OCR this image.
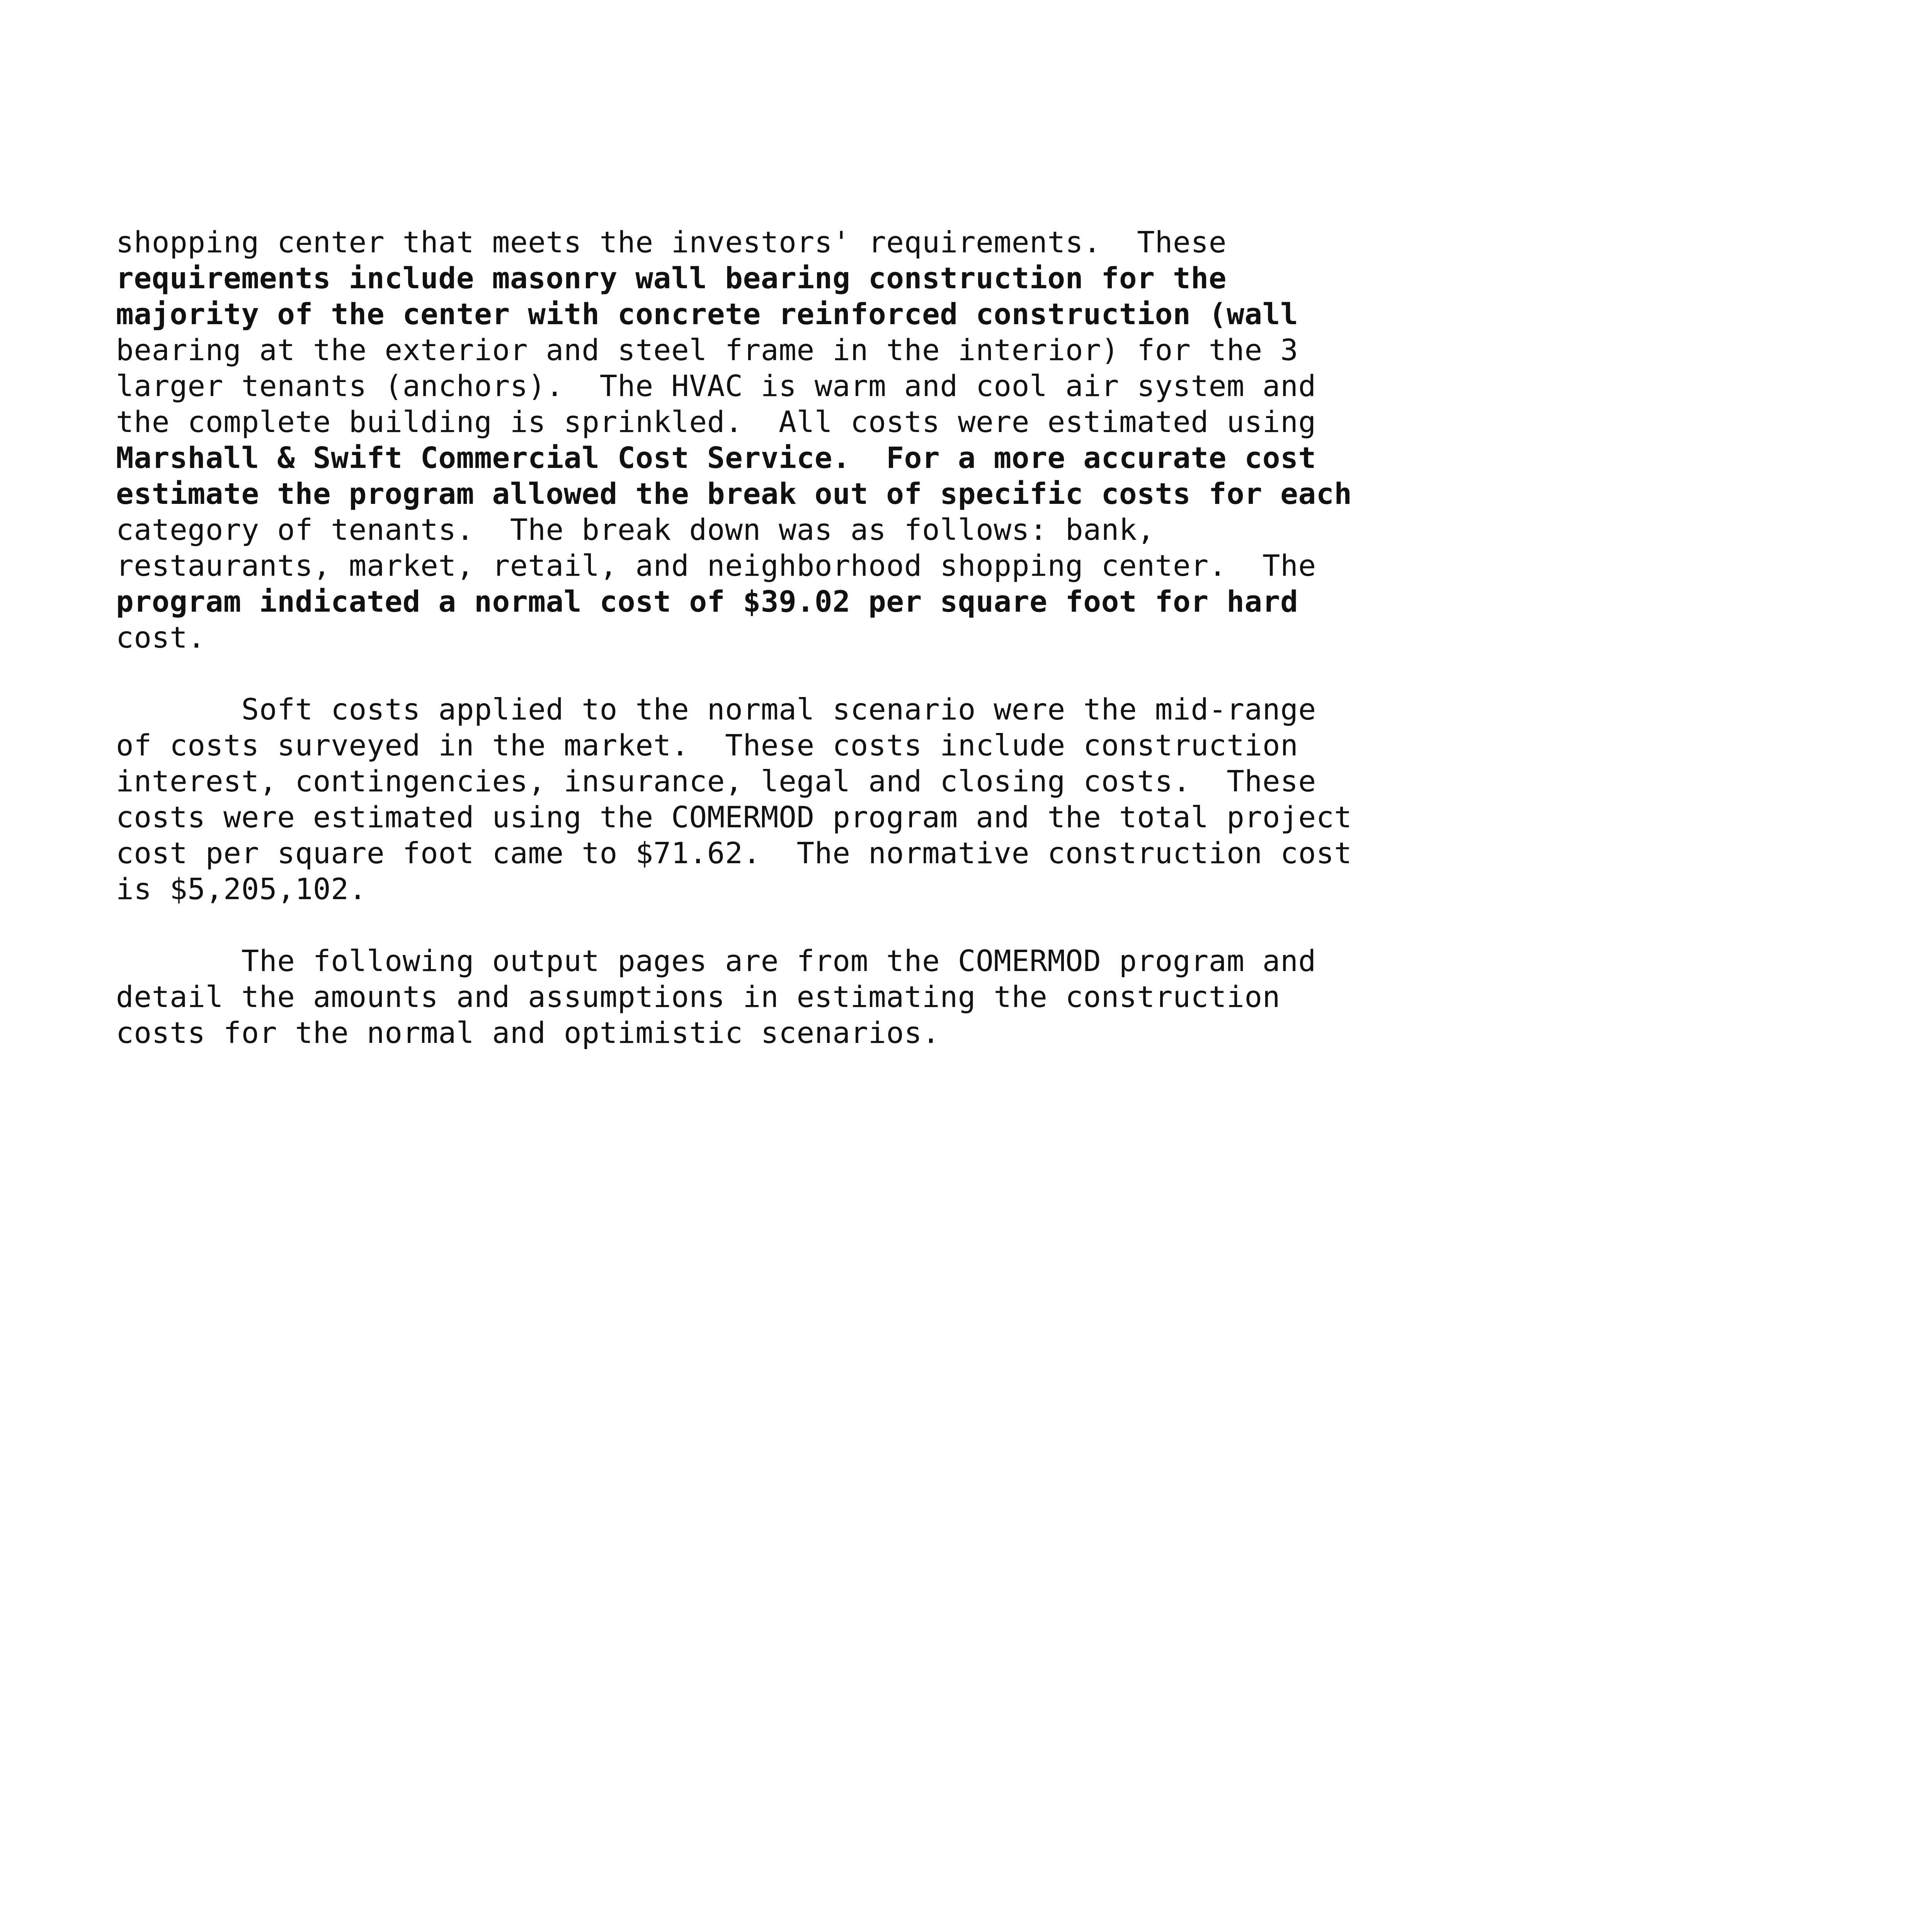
shopping center that meets the investors' requirements.  These
requirements include masonry wall bearing construction for the
majority of the center with concrete reinforced construction (wall
bearing at the exterior and steel frame in the interior) for the 3
larger tenants (anchors).  The HVAC is warm and cool air system and
the complete building is sprinkled.  All costs were estimated using
Marshall & Swift Commercial Cost Service.  For a more accurate cost
estimate the program allowed the break out of specific costs for each
category of tenants.  The break down was as follows: bank,
restaurants, market, retail, and neighborhood shopping center.  The
program indicated a normal cost of $39.02 per square foot for hard
cost.
Soft costs applied to the normal scenario were the mid-range
of costs surveyed in the market.  These costs include construction
interest, contingencies, insurance, legal and closing costs.  These
costs were estimated using the COMERMOD program and the total project
cost per square foot came to $71.62.  The normative construction cost
is $5,205,102.
The following output pages are from the COMERMOD program and
detail the amounts and assumptions in estimating the construction
costs for the normal and optimistic scenarios.
